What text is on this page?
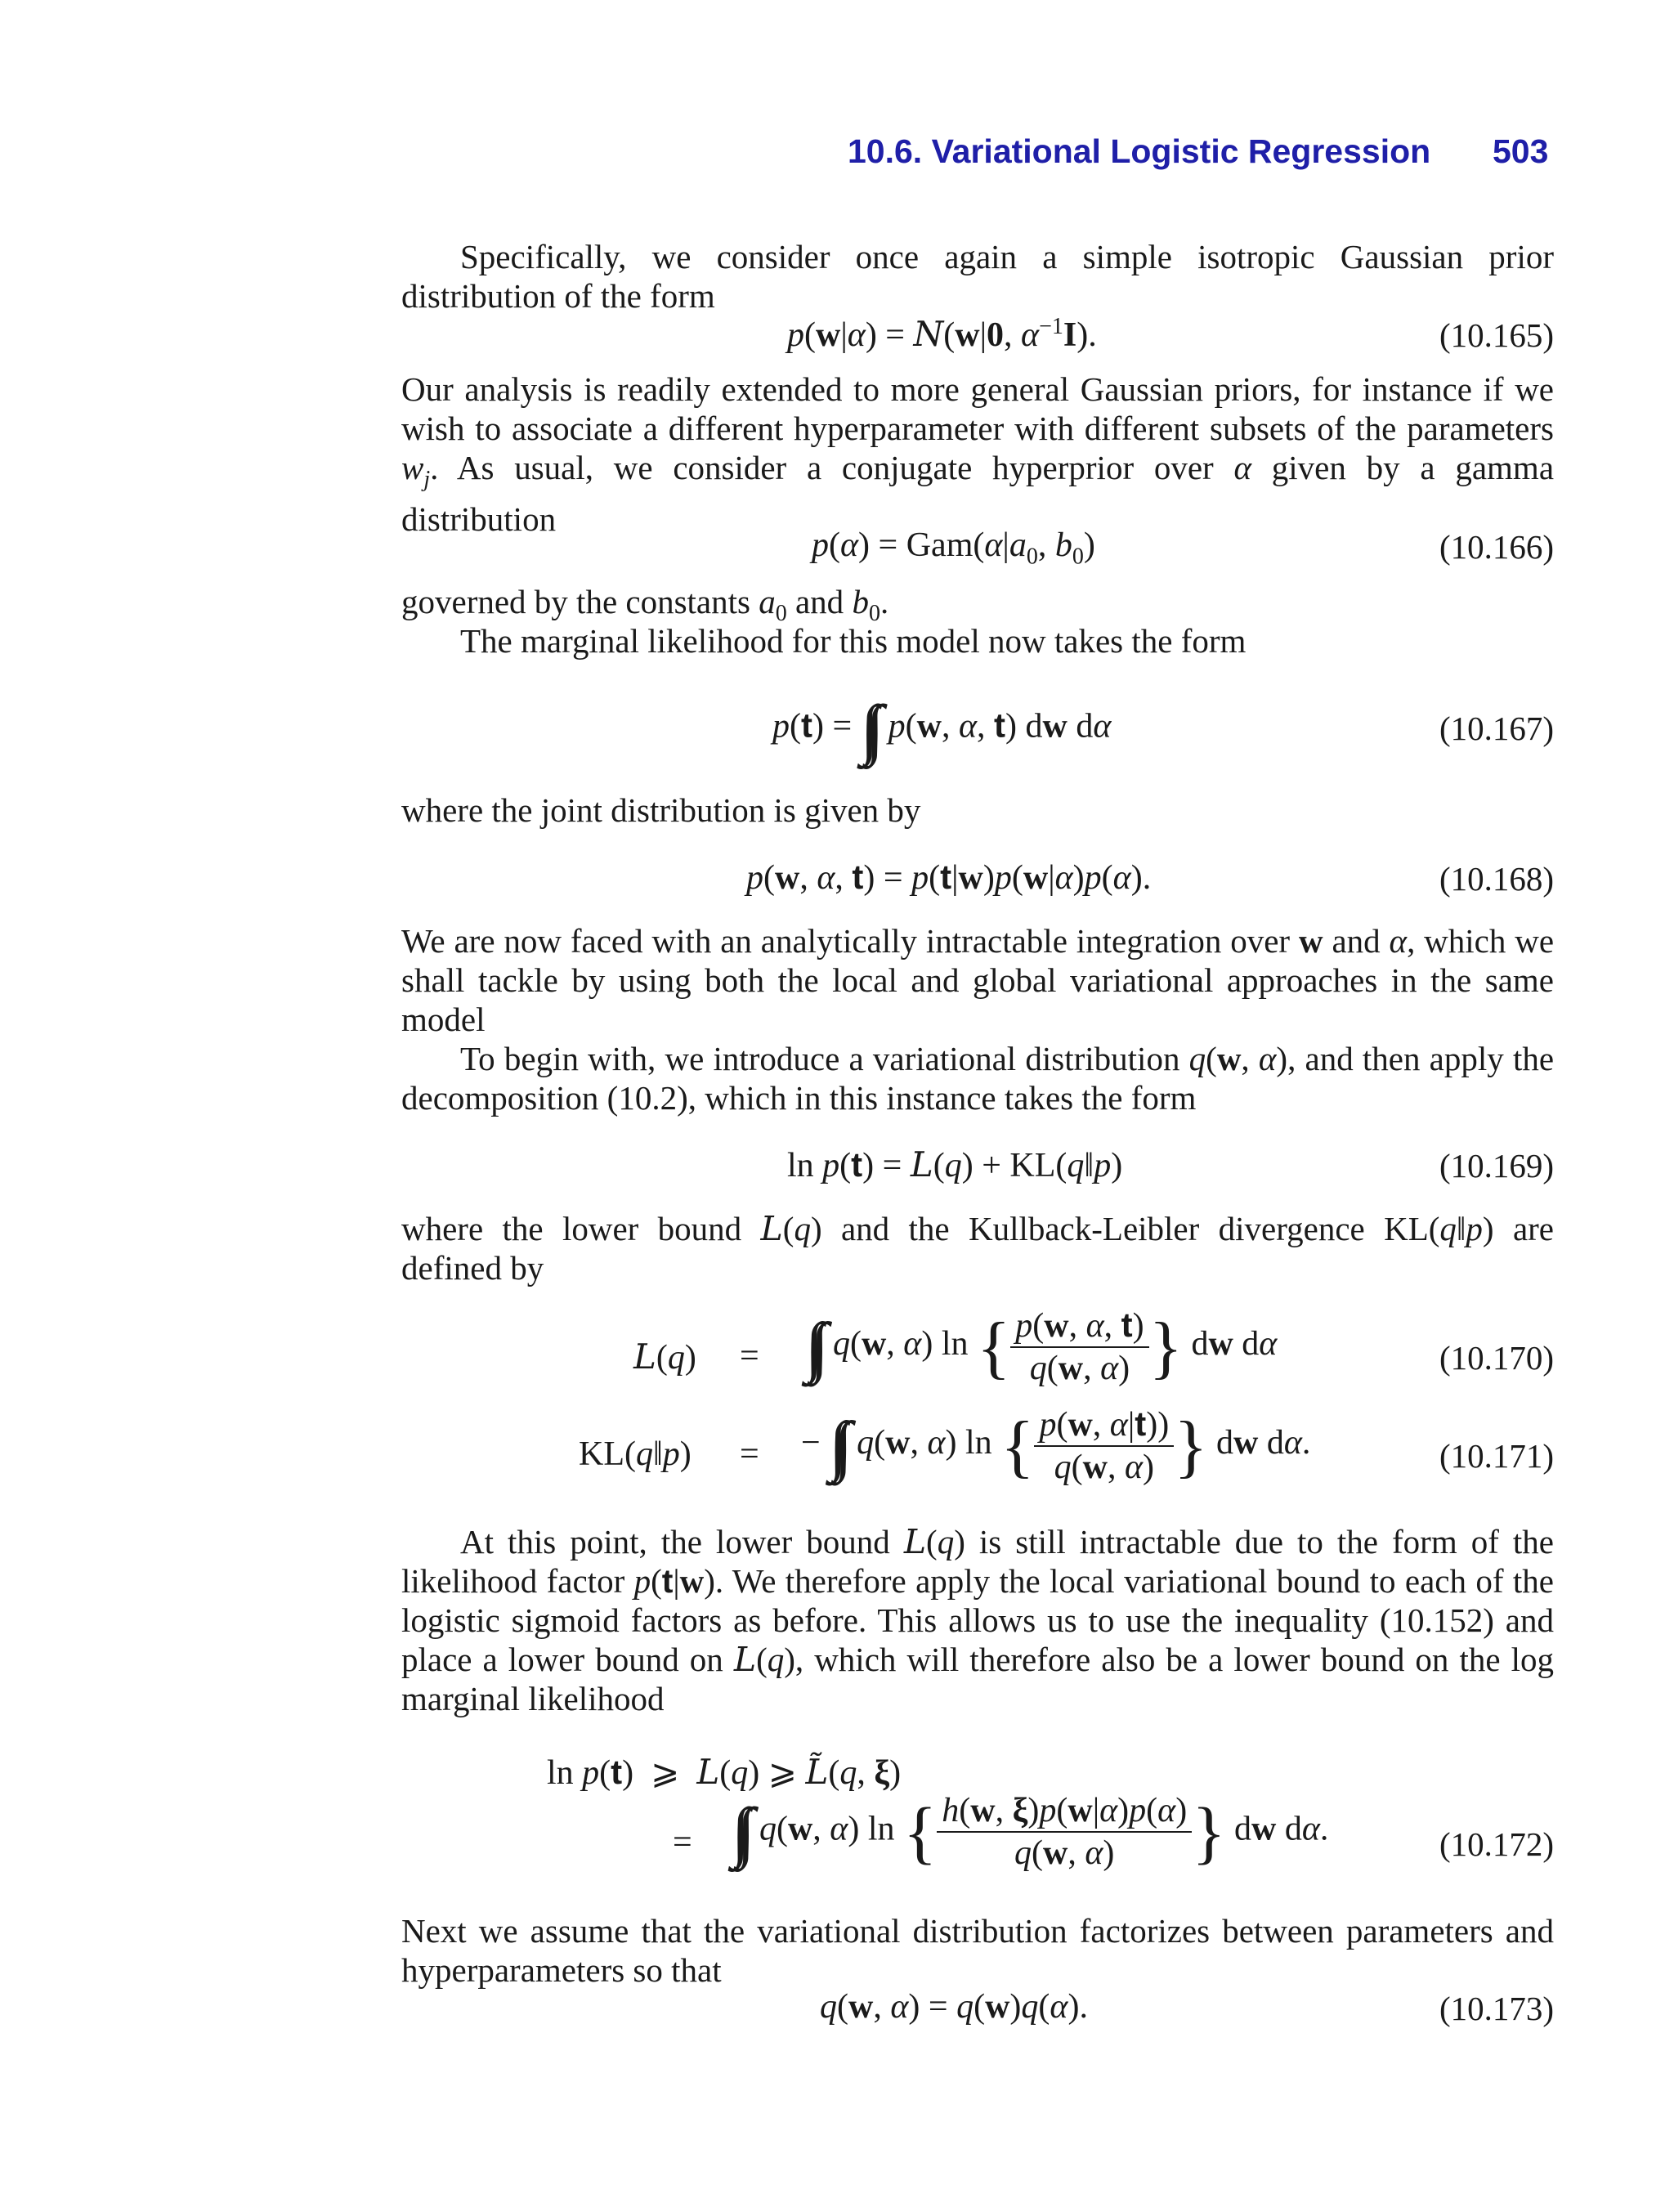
10.6. Variational Logistic Regression 503
Specifically, we consider once again a simple isotropic Gaussian prior distribution of the form
p(w|α) = N(w|0, $\alpha^{-1}I$).	(10.165)
Our analysis is readily extended to more general Gaussian priors, for instance if we wish to associate a different hyperparameter with different subsets of the parameters $w_j$. As usual, we consider a conjugate hyperprior over α given by a gamma distribution
$p(\alpha) = Gam(\alpha|a_0$, $b_0$)	(10.166)
governed by the constants $a_0$ and $b_0$.
The marginal likelihood for this model now takes the form
p(t) = ∫∫ p(w, α, t) dw dα	(10.167)
where the joint distribution is given by
p(w, α, t) = p(t|w)p(w|α)p(α).	(10.168)
We are now faced with an analytically intractable integration over w and α, which we shall tackle by using both the local and global variational approaches in the same model
To begin with, we introduce a variational distribution q(w, α), and then apply the decomposition (10.2), which in this instance takes the form
ln p(t) = L(q) + KL(q‖p)	(10.169)
where the lower bound L(q) and the Kullback-Leibler divergence KL(q‖p) are defined by
L(q) = ∫∫ q(w, α) ln { $\frac{p(w, \alpha, t)}{q(w, \alpha)}$ } dw dα	(10.170)
KL(q‖p) = − ∫∫ q(w, α) ln { $\frac{p(w, \alpha|t))}{q(w, \alpha)}$ } dw dα.	(10.171)
At this point, the lower bound L(q) is still intractable due to the form of the likelihood factor p(t|w). We therefore apply the local variational bound to each of the logistic sigmoid factors as before. This allows us to use the inequality (10.152) and place a lower bound on L(q), which will therefore also be a lower bound on the log marginal likelihood
ln p(t)  ⩾  L(q) ⩾ L̃(q, ξ)
= ∫∫ q(w, α) ln { $\frac{h(w, \xi)p(w|\alpha)p(\alpha)}{q(w, \alpha)}$ } dw dα.	(10.172)
Next we assume that the variational distribution factorizes between parameters and hyperparameters so that
q(w, α) = q(w)q(α).	(10.173)
